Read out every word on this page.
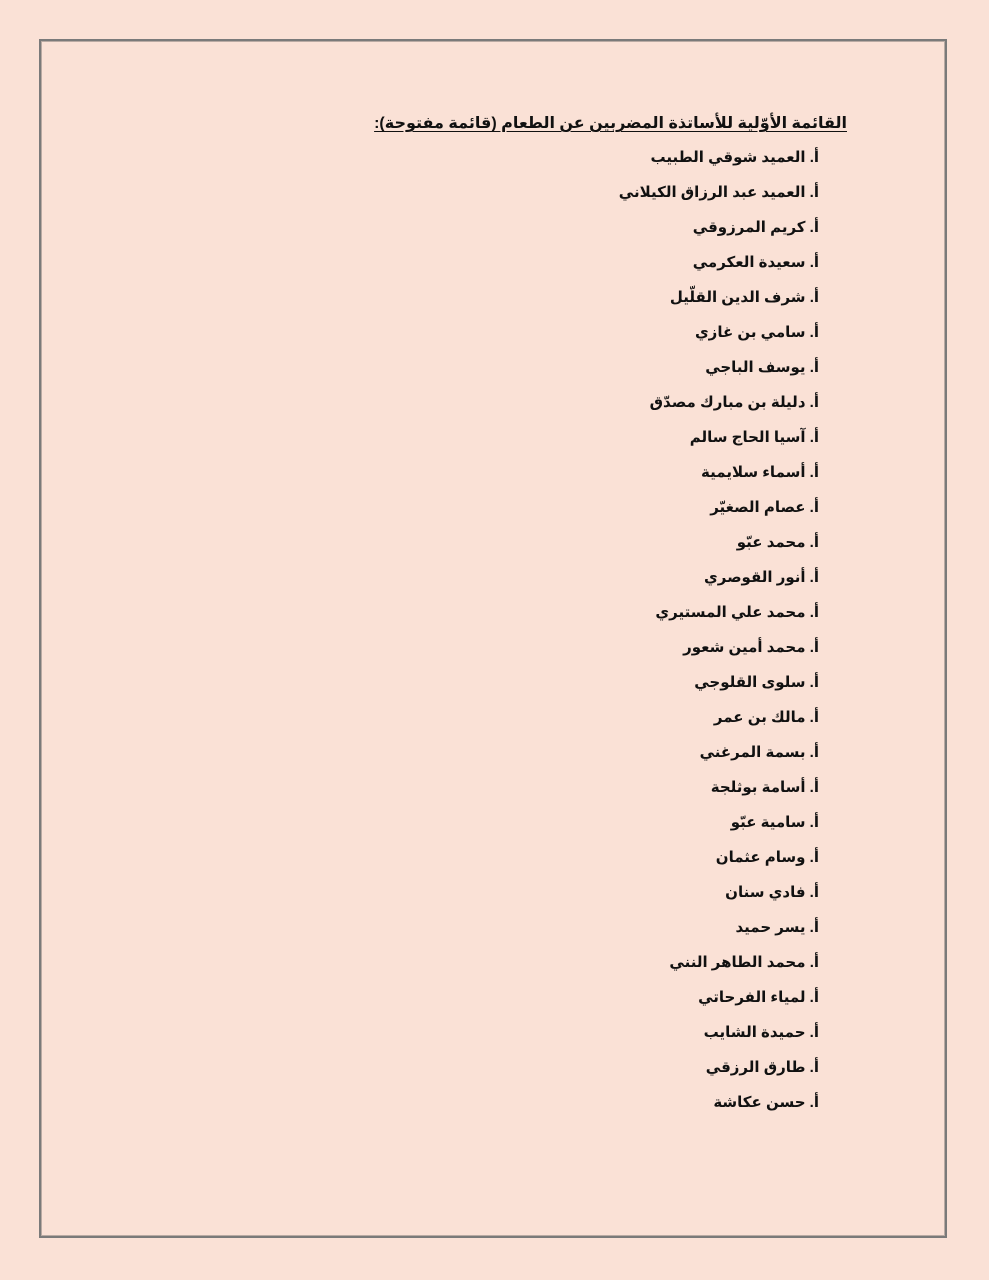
القائمة الأوّلية للأساتذة المضربين عن الطعام (قائمة مفتوحة):
أ. العميد شوقي الطبيب
أ. العميد عبد الرزاق الكيلاني
أ. كريم المرزوقي
أ. سعيدة العكرمي
أ. شرف الدين القلّيل
أ. سامي بن غازي
أ. يوسف الباجي
أ. دليلة بن مبارك مصدّق
أ. آسيا الحاج سالم
أ. أسماء سلايمية
أ. عصام الصغيّر
أ. محمد عبّو
أ. أنور القوصري
أ. محمد علي المستيري
أ. محمد أمين شعور
أ. سلوى القلوجي
أ. مالك بن عمر
أ. بسمة المرغني
أ. أسامة بوثلجة
أ. سامية عبّو
أ. وسام عثمان
أ. فادي سنان
أ. يسر حميد
أ. محمد الطاهر النني
أ. لمياء الفرحاتي
أ. حميدة الشايب
أ. طارق الرزقي
أ. حسن عكاشة
